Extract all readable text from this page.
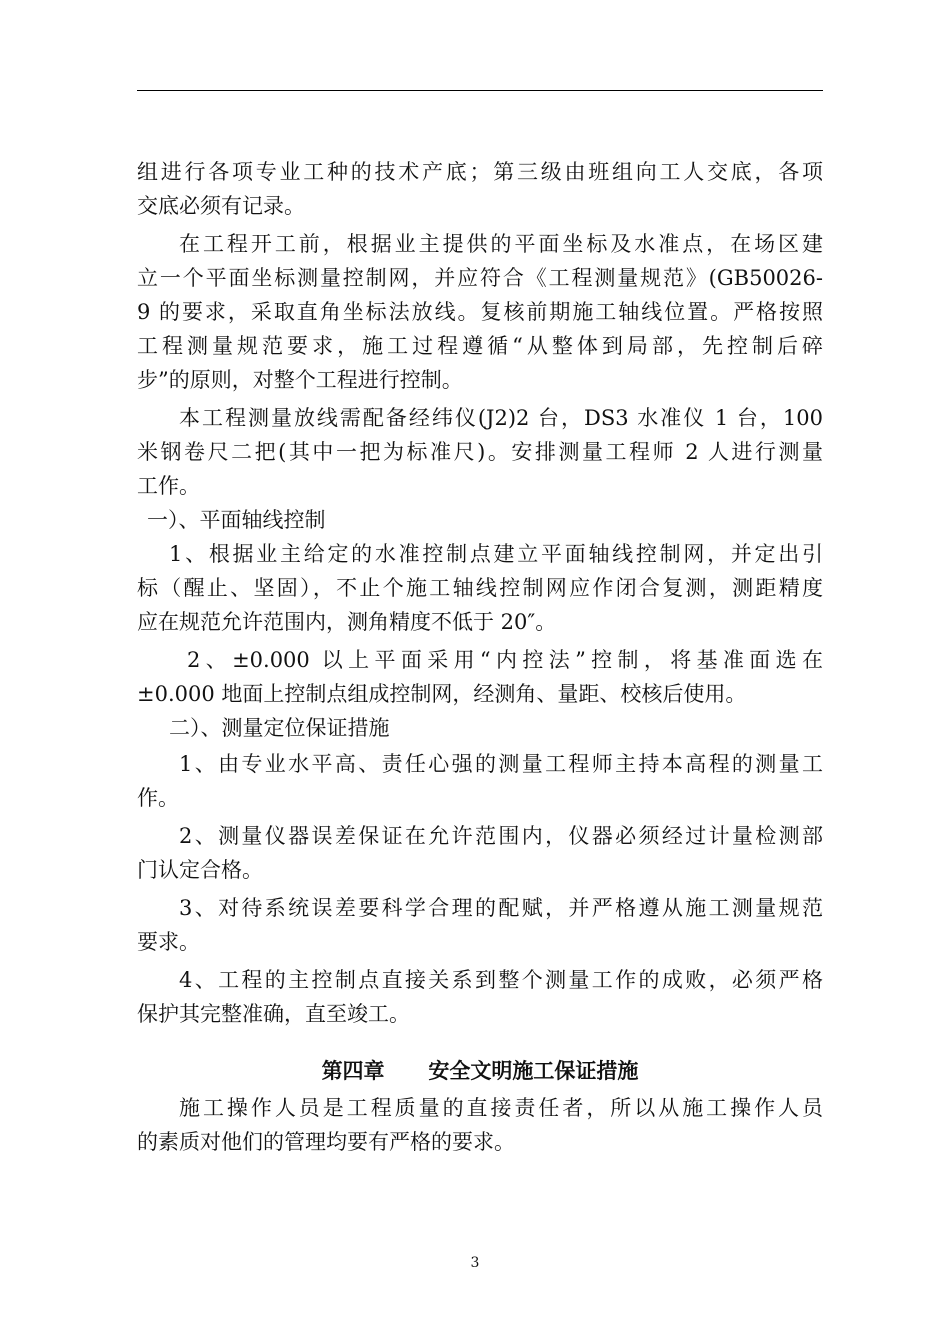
组进行各项专业工种的技术产底；第三级由班组向工人交底，各项
交底必须有记录。
在工程开工前，根据业主提供的平面坐标及水准点，在场区建
立一个平面坐标测量控制网，并应符合《工程测量规范》(GB50026-
9 的要求，采取直角坐标法放线。复核前期施工轴线位置。严格按照
工程测量规范要求，施工过程遵循“从整体到局部，先控制后碎
步”的原则，对整个工程进行控制。
本工程测量放线需配备经纬仪(J2)2 台，DS3 水准仪 1 台，100
米钢卷尺二把(其中一把为标准尺)。安排测量工程师 2 人进行测量
工作。
一）、平面轴线控制
1、根据业主给定的水准控制点建立平面轴线控制网，并定出引
标（醒止、坚固），不止个施工轴线控制网应作闭合复测，测距精度
应在规范允许范围内，测角精度不低于 20″。
2、±0.000 以上平面采用“内控法”控制，将基准面选在
±0.000 地面上控制点组成控制网，经测角、量距、校核后使用。
二）、测量定位保证措施
1、由专业水平高、责任心强的测量工程师主持本高程的测量工
作。
2、测量仪器误差保证在允许范围内，仪器必须经过计量检测部
门认定合格。
3、对待系统误差要科学合理的配赋，并严格遵从施工测量规范
要求。
4、工程的主控制点直接关系到整个测量工作的成败，必须严格
保护其完整准确，直至竣工。
第四章      安全文明施工保证措施
施工操作人员是工程质量的直接责任者，所以从施工操作人员
的素质对他们的管理均要有严格的要求。
3
